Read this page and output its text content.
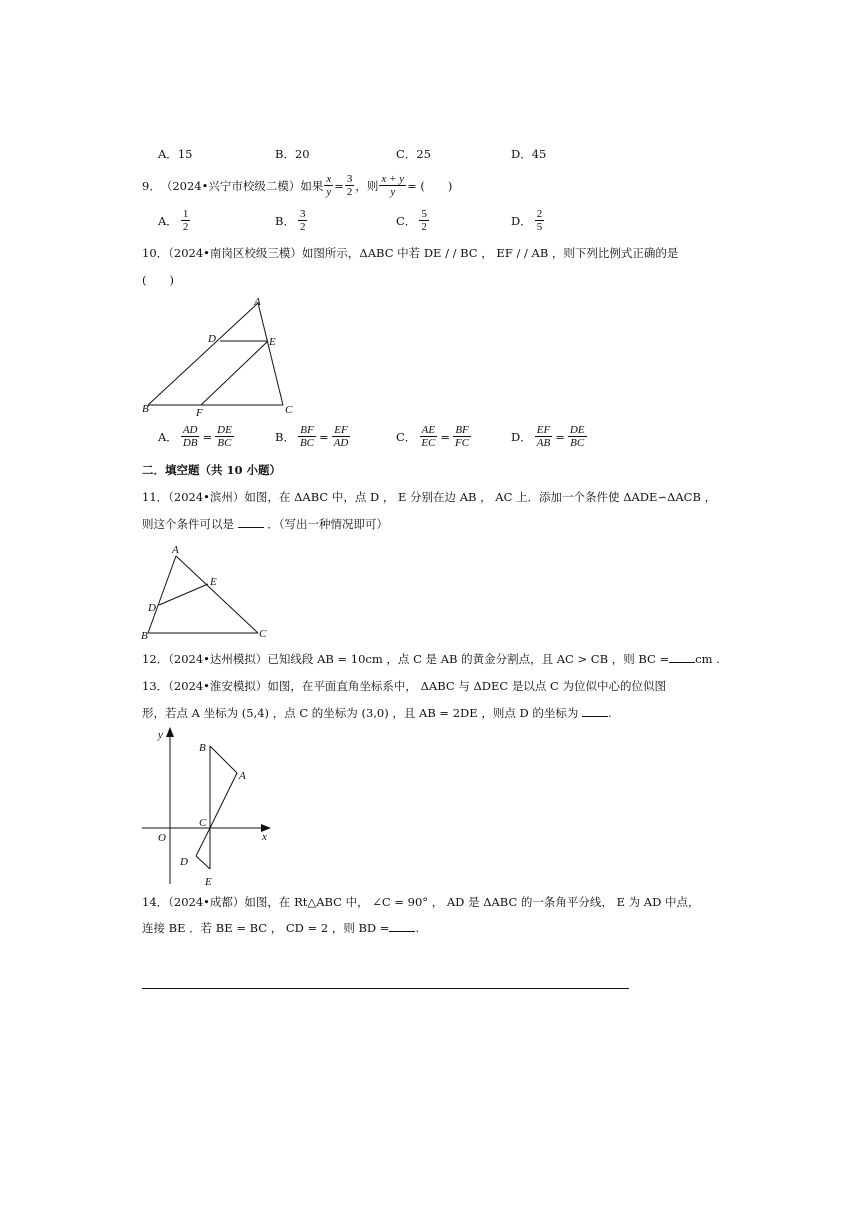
A．15	B．20	C．25	D．45
9． （2024•兴宁市校级二模）如果 $\frac{x}{y} = \frac{3}{2}$ ，则 $\frac{x + y}{y}$ = (　　)
A． $\frac{1}{2}$	B． $\frac{3}{2}$	C． $\frac{5}{2}$	D． $\frac{2}{5}$
10．（2024•南岗区校级三模）如图所示，ΔABC 中若 DE / / BC ， EF / / AB ，则下列比例式正确的是
(　　)
A
D	E
B	F	C
A． $\frac{AD}{DB} = \frac{DE}{BC}$	B． $\frac{BF}{BC} = \frac{EF}{AD}$	C． $\frac{AE}{EC} = \frac{BF}{FC}$	D． $\frac{EF}{AB} = \frac{DE}{BC}$
二．填空题（共 10 小题）
11．（2024•滨州）如图，在 ΔABC 中，点 D ， E 分别在边 AB ， AC 上．添加一个条件使 ΔADE∽ΔACB ，
则这个条件可以是	．（写出一种情况即可）
A
E
D
B	C
12．（2024•达州模拟）已知线段 AB = 10cm ，点 C 是 AB 的黄金分割点，且 AC > CB ，则 BC = cm .
13．（2024•淮安模拟）如图，在平面直角坐标系中， ΔABC 与 ΔDEC 是以点 C 为位似中心的位似图
形，若点 A 坐标为 (5,4) ，点 C 的坐标为 (3,0) ，且 AB = 2DE ，则点 D 的坐标为	.
y
x
O
B
A
C
D
E
14．（2024•成都）如图，在 Rt△ABC 中， ∠C = 90° ， AD 是 ΔABC 的一条角平分线， E 为 AD 中点，
连接 BE ．若 BE = BC ， CD = 2 ，则 BD = .
